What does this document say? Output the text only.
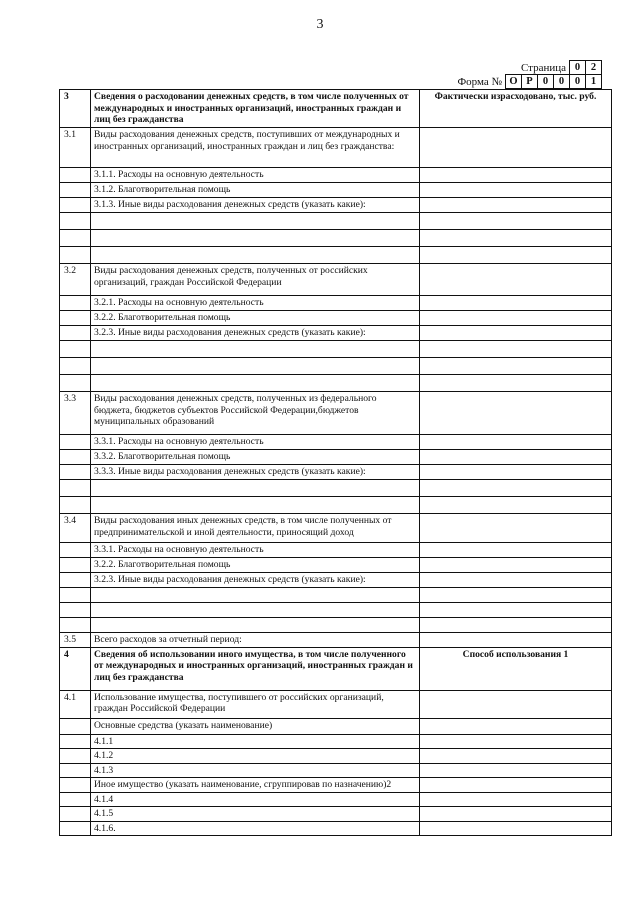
3
Страница 0	2
Форма № О Р 0	0	0	1
3	Сведения о расходовании денежных средств, в том числе полученных от международных и иностранных организаций, иностранных граждан и лиц без гражданства	Фактически израсходовано, тыс. руб.
3.1	Виды расходования денежных средств, поступивших от международных и иностранных организаций, иностранных граждан и лиц без гражданства:	
	3.1.1. Расходы на основную деятельность	
	3.1.2. Благотворительная помощь	
	3.1.3. Иные виды расходования денежных средств (указать какие):	

3.2	Виды расходования денежных средств, полученных от российских организаций, граждан Российской Федерации	
	3.2.1. Расходы на основную деятельность	
	3.2.2. Благотворительная помощь	
	3.2.3. Иные виды расходования денежных средств (указать какие):	

3.3	Виды расходования денежных средств, полученных из федерального бюджета, бюджетов субъектов Российской Федерации,бюджетов муниципальных образований	
	3.3.1. Расходы на основную деятельность	
	3.3.2. Благотворительная помощь	
	3.3.3. Иные виды расходования денежных средств (указать какие):	

3.4	Виды расходования иных денежных средств, в том числе полученных от предпринимательской и иной деятельности, приносящий доход	
	3.3.1. Расходы на основную деятельность	
	3.2.2. Благотворительная помощь	
	3.2.3. Иные виды расходования денежных средств (указать какие):	

3.5	Всего расходов за отчетный период:	
4	Сведения об использовании иного имущества, в том числе полученного от международных и иностранных организаций, иностранных граждан и лиц без гражданства	Способ использования 1
4.1	Использование имущества, поступившего от российских организаций, граждан Российской Федерации	
	Основные средства (указать наименование)	
	4.1.1	
	4.1.2	
	4.1.3	
	Иное имущество (указать наименование, сгруппировав по назначению)2	
	4.1.4	
	4.1.5	
	4.1.6.	
